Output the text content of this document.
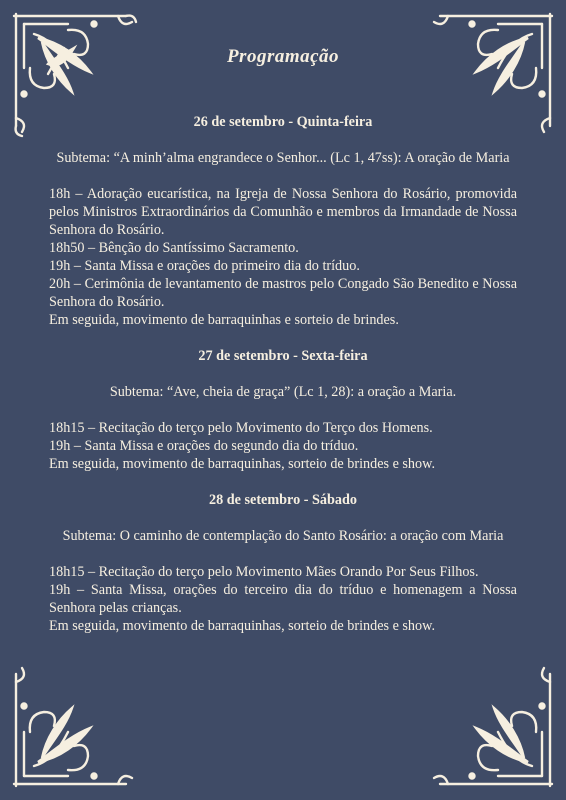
Programação

26 de setembro - Quinta-feira

Subtema: “A minh’alma engrandece o Senhor... (Lc 1, 47ss): A oração de Maria

18h – Adoração eucarística, na Igreja de Nossa Senhora do Rosário, promovida pelos Ministros Extraordinários da Comunhão e membros da Irmandade de Nossa Senhora do Rosário.

18h50 – Bênção do Santíssimo Sacramento.

19h – Santa Missa e orações do primeiro dia do tríduo.

20h – Cerimônia de levantamento de mastros pelo Congado São Benedito e Nossa Senhora do Rosário.

Em seguida, movimento de barraquinhas e sorteio de brindes.

27 de setembro - Sexta-feira

Subtema: “Ave, cheia de graça” (Lc 1, 28): a oração a Maria.

18h15 – Recitação do terço pelo Movimento do Terço dos Homens.

19h – Santa Missa e orações do segundo dia do tríduo.

Em seguida, movimento de barraquinhas, sorteio de brindes e show.

28 de setembro - Sábado

Subtema: O caminho de contemplação do Santo Rosário: a oração com Maria

18h15 – Recitação do terço pelo Movimento Mães Orando Por Seus Filhos.

19h – Santa Missa, orações do terceiro dia do tríduo e homenagem a Nossa Senhora pelas crianças.

Em seguida, movimento de barraquinhas, sorteio de brindes e show.
